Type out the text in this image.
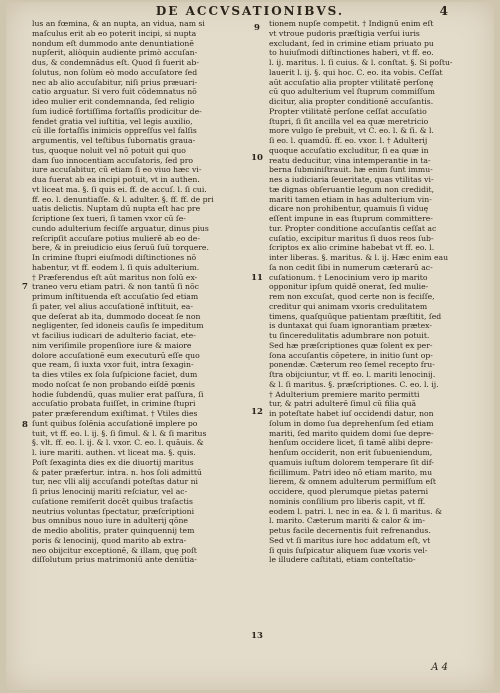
DE ACCVSATIONIBVS.	4
lus an fœmina, & an nupta, an vidua, nam si
maſculus erit ab eo poterit incipi, si nupta
nondum eſt dummodo ante denuntiationē
nupſerit, aliòquin audiente primò accuſan-
dus, & condemnādus eſt. Quod ſi fuerit ab-
ſolutus, non ſolùm eò modo accuſatore ſed
nec ab alio accuſabitur, niſi prius præuari-
catio arguatur. Si vero fuit cōdemnatus nō
ideo mulier erit condemnanda, ſed religio
ſum iudicē fortiſſima fortaſſis prodicitur de-
fendet gratia vel iuſtitia, vel legis auxilio,
cū ille fortaſſis inimicis oppreſſus vel falſis
argumentis, vel teſtibus ſubornatis graua-
tus, quoque noluit vel nō potuit qui quo
dam ſuo innocentiam accuſatoris, ſed pro
iure accuſabitur, cū etiam ſi eo viuo hæc vi-
dua fuerat ab ea incipi potuit, vt in authen.
vt liceat ma. §. ſi quis ei. ff. de accuſ. l. ſi cui.
ff. eo. l. denuntiaſſe. & l. adulter. §. ff. ff. de pri
uatis delictis. Nuptam dū nupta eſt hac pre
ſcriptione ſex tueri, ſi tamen vxor cū ſe-
cundo adulterium feciſſe arguatur, dinus pius
reſcripſit accuſare potius mulierē ab eo de-
bere, & in preiudicio eius ſeruū ſuū torquere.
In crimine ſtupri eiuſmodi diſtinctiones nō
habentur, vt ff. eodem l. ſi quis adulterium.
† Præferendus eſt aūt maritus non ſolū ex-
traneo veru etiam patri. & non tantū ſi nōc
primum inſtituenda eſt accuſatio ſed etiam
ſi pater, vel alius accuſationē inſtituit, ea-
que deſerat ab ita, dummodo doceat ſe non
negligenter, ſed idoneis cauſis ſe impeditum
vt facilius iudicari de adulterio faciat, ete-
nim veriſimile propenſiore iure & maiore
dolore accuſationē eum executurū eſſe quo
que ream, ſi iuxta vxor fuit, intra ſexagin-
ta dies vtiles ex ſola ſuſpicione faciet, dum
modo noſcat ſe non probando eiſdē pœnis
hodie ſubdendū, quas mulier erat paſſura, ſi
accuſatio probata fuiſſet, in crimine ſtupri
pater præferendum exiſtimat. † Vtiles dies
ſunt quibus ſolēnia accuſationē implere po
tuit, vt ff. eo. l. ij. §. ſi ſimul. & l. & ſi maritus
§. vlt. ff. eo. l. ij. & l. vxor. C. eo. l. quāuis. &
l. iure mariti. authen. vt liceat ma. §. quis.
Poſt ſexaginta dies ex die diuortij maritus
& pater præfertur. intra. n. hos ſoli admittū
tur, nec vlli alij accuſandi poteſtas datur ni
ſi prius lenocinij mariti reſciatur, vel ac-
cuſatione remiſerit docēt quibus traſactis
neutrius voluntas ſpectatur, præſcriptioni
bus omnibus nouo iure in adulterij qōne
de medio abolitis, prater quinquennij tem
poris & lenocinij, quod marito ab extra-
neo obijcitur exceptionē, & illam, quę poſt
diſſolutum prius matrimoniū ante denūtia-
tionem nupſe competit. † Indignū enim eſt
vt vtroue pudoris præſtigia verſui iuris
excludant, ſed in crimine etiam priuato pu
to huiuſmodi diſtinctiones haberi, vt ff. eo.
l. ij. maritus. l. ſi cuius. & l. conſtat. §. Si poſtu-
lauerit l. ij. §. qui hoc. C. eo. ita vobis. Ceſſat
aūt accuſatio alia propter vtilitatē perſonę
cū quo adulterium vel ſtuprum commiſſum
dicitur, alia propter conditionē accuſantis.
Propter vtilitatē perſone ceſſat accuſatio
ſtupri, ſi ſit ancilla vel ea quæ meretricio
more vulgo ſe prebuit, vt C. eo. l. & ſi. & l.
ſi eo. l. quamdū. ff. eo. vxor. l. † Adulterij
quoque accuſatio excluditur, ſi ea quæ in
reatu deducitur, vina intemperantie in ta-
berna ſubminiſtrauit. hæ enim ſunt immu-
nes a iudiciaria ſeueritate, quas vtilitas vi-
tæ dignas obſeruantie legum non credidit,
mariti tamen etiam in has adulterium vin-
dicare non prohibentur, quamuis ſi viduę
eſſent impune in eas ſtuprum committere-
tur. Propter conditione accuſantis ceſſat ac
cuſatio, excipitur maritus ſi duos reos ſub-
ſcriptos ex alio crimine habebat vt ff. eo. l.
inter liberas. §. maritus. & l. ij. Hæc enim eau
ſa non cedit ſibi in numerum cæterarū ac-
cuſationum. † Lenocinium vero ip marito
opponitur ipſum quidē onerat, ſed mulie-
rem non excuſat, quod certe non is feciſſe,
creditur qui animam vxoris credulitatem
timens, quaſquūque patientam præſtitit, ſed
is duntaxat qui ſuam ignorantiam prætex-
tu ſinceredulitatis adumbrare non potuit.
Sed hæ præſcriptiones quæ ſolent ex per-
ſona accuſantis cōpetere, in initio ſunt op-
ponendæ. Cæterum reo ſemel recepto fru-
ſtra obijciuntur, vt ff. eo. l. mariti lenocinij.
& l. ſi maritus. §. præſcriptiones. C. eo. l. ij.
† Adulterium premiere marito permitti
tur, & patri adulterē ſimul cū filia quā
in poteſtate habet iuſ occidendi datur, non
ſolum in domo ſua deprehenſum ſed etiam
mariti, ſed marito quidem domi ſue depre-
henſum occidere licet, ſi tamē alibi depre-
henſum occiderit, non erit ſubueniendum,
quamuis iuſtum dolorem temperare ſit dif-
ficillimum. Patri ideo nō etiam marito, mu
lierem, & omnem adulterum permiſſum eſt
occidere, quod plerumque pietas paterni
nominis conſilium pro liberis capit, vt ff.
eodem l. patri. l. nec in ea. & l. ſi maritus. &
l. marito. Cæterum mariti & calor & im-
petus facile decernentis fuit refrenandus.
Sed vt ſi maritus iure hoc addatum eſt, vt
ſi quis ſuſpicatur aliquem ſuæ vxoris vel-
le illudere caſtitati, etiam conteſtatio-
9
10
11
12
13
7
8
A 4
